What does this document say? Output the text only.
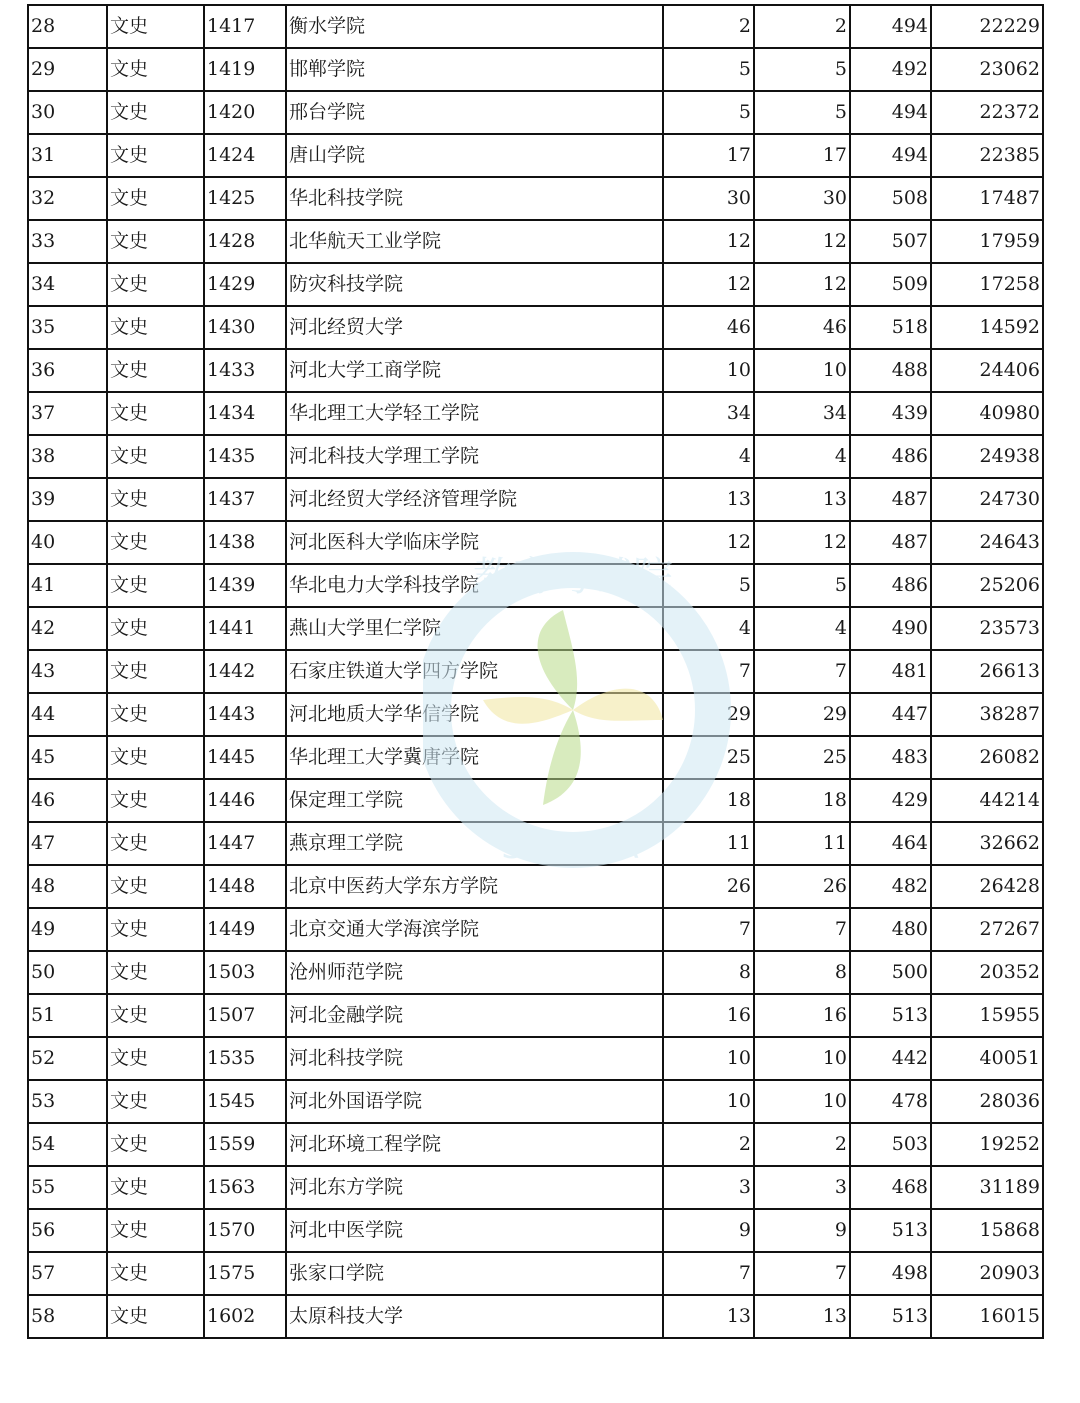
28	文史	1417	衡水学院	2	2	494	22229
29	文史	1419	邯郸学院	5	5	492	23062
30	文史	1420	邢台学院	5	5	494	22372
31	文史	1424	唐山学院	17	17	494	22385
32	文史	1425	华北科技学院	30	30	508	17487
33	文史	1428	北华航天工业学院	12	12	507	17959
34	文史	1429	防灾科技学院	12	12	509	17258
35	文史	1430	河北经贸大学	46	46	518	14592
36	文史	1433	河北大学工商学院	10	10	488	24406
37	文史	1434	华北理工大学轻工学院	34	34	439	40980
38	文史	1435	河北科技大学理工学院	4	4	486	24938
39	文史	1437	河北经贸大学经济管理学院	13	13	487	24730
40	文史	1438	河北医科大学临床学院	12	12	487	24643
41	文史	1439	华北电力大学科技学院	5	5	486	25206
42	文史	1441	燕山大学里仁学院	4	4	490	23573
43	文史	1442	石家庄铁道大学四方学院	7	7	481	26613
44	文史	1443	河北地质大学华信学院	29	29	447	38287
45	文史	1445	华北理工大学冀唐学院	25	25	483	26082
46	文史	1446	保定理工学院	18	18	429	44214
47	文史	1447	燕京理工学院	11	11	464	32662
48	文史	1448	北京中医药大学东方学院	26	26	482	26428
49	文史	1449	北京交通大学海滨学院	7	7	480	27267
50	文史	1503	沧州师范学院	8	8	500	20352
51	文史	1507	河北金融学院	16	16	513	15955
52	文史	1535	河北科技学院	10	10	442	40051
53	文史	1545	河北外国语学院	10	10	478	28036
54	文史	1559	河北环境工程学院	2	2	503	19252
55	文史	1563	河北东方学院	3	3	468	31189
56	文史	1570	河北中医学院	9	9	513	15868
57	文史	1575	张家口学院	7	7	498	20903
58	文史	1602	太原科技大学	13	13	513	16015
教育考试院
SNEEA
